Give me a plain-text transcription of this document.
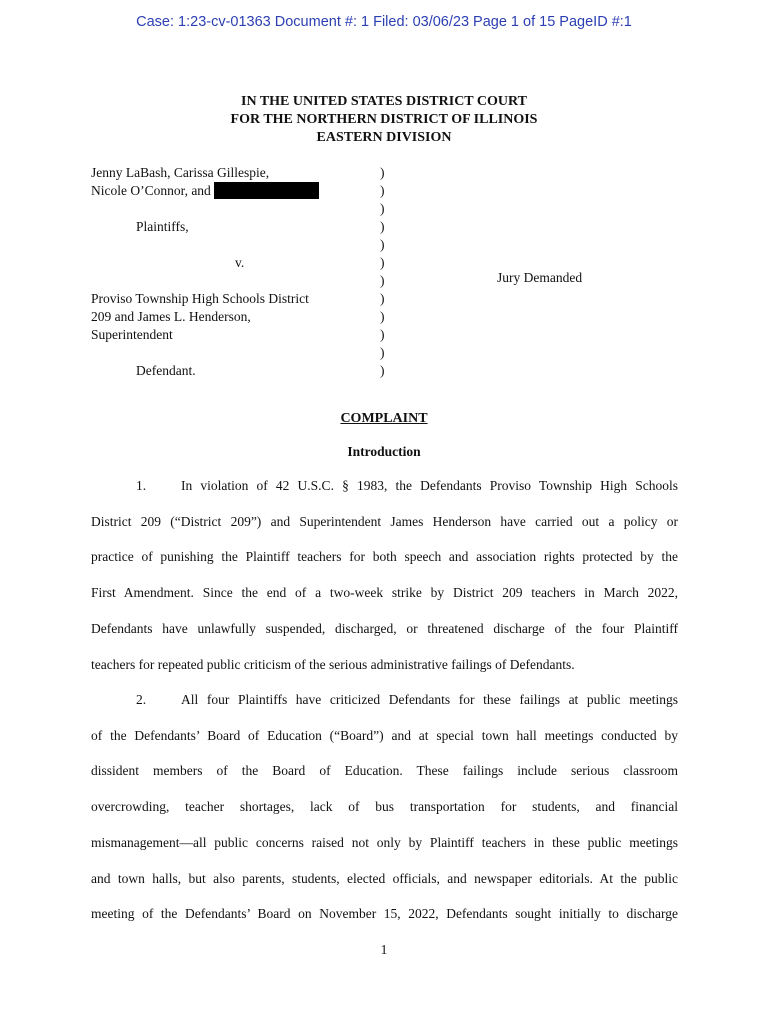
Case: 1:23-cv-01363 Document #: 1 Filed: 03/06/23 Page 1 of 15 PageID #:1
IN THE UNITED STATES DISTRICT COURT
FOR THE NORTHERN DISTRICT OF ILLINOIS
EASTERN DIVISION
Jenny LaBash, Carissa Gillespie,
Nicole O’Connor, and
Plaintiffs,
v.
Proviso Township High Schools District
209 and James L. Henderson,
Superintendent
Defendant.
)
)
)
)
)
)
)
)
)
)
)
)
Jury Demanded
COMPLAINT
Introduction
1.	In violation of 42 U.S.C. § 1983, the Defendants Proviso Township High Schools
District 209 (“District 209”) and Superintendent James Henderson have carried out a policy or
practice of punishing the Plaintiff teachers for both speech and association rights protected by the
First Amendment. Since the end of a two-week strike by District 209 teachers in March 2022,
Defendants have unlawfully suspended, discharged, or threatened discharge of the four Plaintiff
teachers for repeated public criticism of the serious administrative failings of Defendants.
2.	All four Plaintiffs have criticized Defendants for these failings at public meetings
of the Defendants’ Board of Education (“Board”) and at special town hall meetings conducted by
dissident members of the Board of Education. These failings include serious classroom
overcrowding, teacher shortages, lack of bus transportation for students, and financial
mismanagement—all public concerns raised not only by Plaintiff teachers in these public meetings
and town halls, but also parents, students, elected officials, and newspaper editorials. At the public
meeting of the Defendants’ Board on November 15, 2022, Defendants sought initially to discharge
1
